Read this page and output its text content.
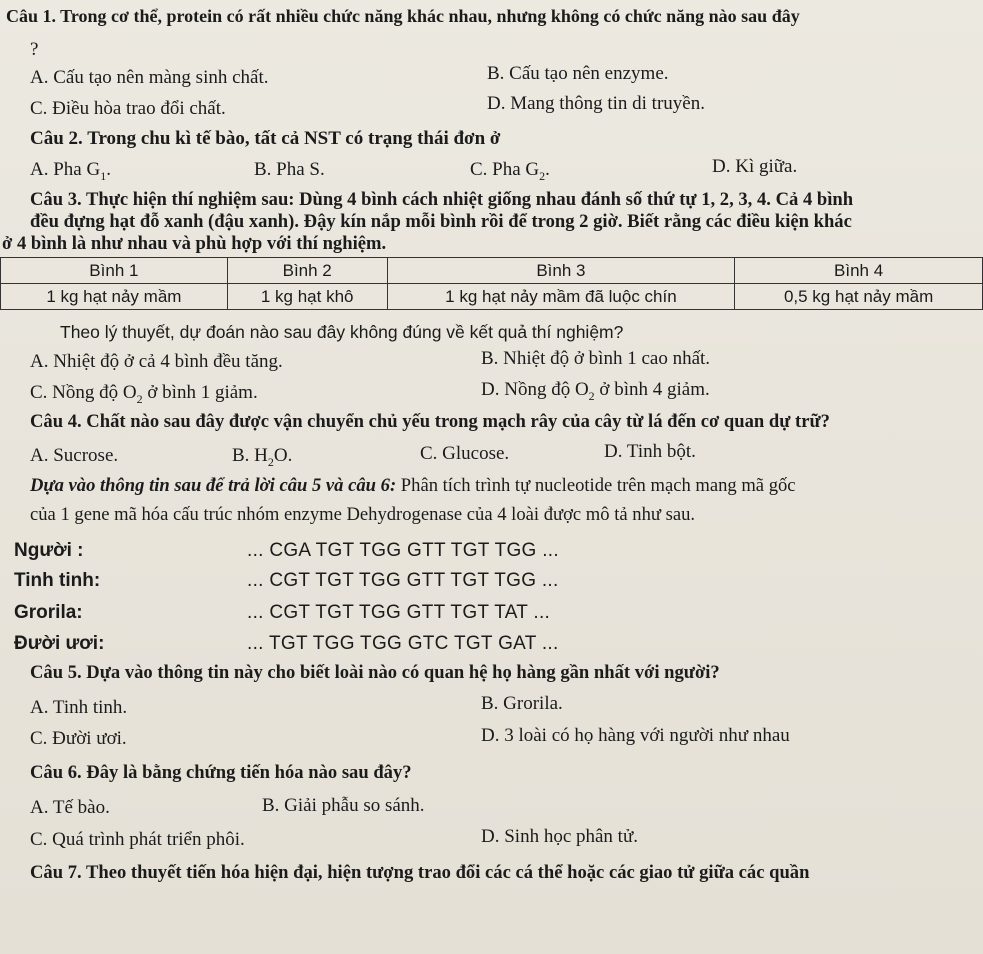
Câu 1. Trong cơ thể, protein có rất nhiều chức năng khác nhau, nhưng không có chức năng nào sau đây
?
A. Cấu tạo nên màng sinh chất.	B. Cấu tạo nên enzyme.
C. Điều hòa trao đổi chất.	D. Mang thông tin di truyền.
Câu 2. Trong chu kì tế bào, tất cả NST có trạng thái đơn ở
A. Pha $G_1$.	B. Pha S.	C. Pha $G_2$.	D. Kì giữa.
Câu 3. Thực hiện thí nghiệm sau: Dùng 4 bình cách nhiệt giống nhau đánh số thứ tự 1, 2, 3, 4. Cả 4 bình
đều đựng hạt đỗ xanh (đậu xanh). Đậy kín nắp mỗi bình rồi để trong 2 giờ. Biết rằng các điều kiện khác
ở 4 bình là như nhau và phù hợp với thí nghiệm.
Bình 1	Bình 2	Bình 3	Bình 4
1 kg hạt nảy mầm	1 kg hạt khô	1 kg hạt nảy mầm đã luộc chín	0,5 kg hạt nảy mầm
Theo lý thuyết, dự đoán nào sau đây không đúng về kết quả thí nghiệm?
A. Nhiệt độ ở cả 4 bình đều tăng.	B. Nhiệt độ ở bình 1 cao nhất.
C. Nồng độ $O_2$ ở bình 1 giảm.	D. Nồng độ $O_2$ ở bình 4 giảm.
Câu 4. Chất nào sau đây được vận chuyển chủ yếu trong mạch rây của cây từ lá đến cơ quan dự trữ?
A. Sucrose.	B. $H_2O$.	C. Glucose.	D. Tinh bột.
Dựa vào thông tin sau để trả lời câu 5 và câu 6: Phân tích trình tự nucleotide trên mạch mang mã gốc
của 1 gene mã hóa cấu trúc nhóm enzyme Dehydrogenase của 4 loài được mô tả như sau.
Người :	... CGA TGT TGG GTT TGT TGG ...
Tinh tinh:	... CGT TGT TGG GTT TGT TGG ...
Grorila:	... CGT TGT TGG GTT TGT TAT ...
Đười ươi:	... TGT TGG TGG GTC TGT GAT ...
Câu 5. Dựa vào thông tin này cho biết loài nào có quan hệ họ hàng gần nhất với người?
A. Tinh tinh.	B. Grorila.
C. Đười ươi.	D. 3 loài có họ hàng với người như nhau
Câu 6. Đây là bằng chứng tiến hóa nào sau đây?
A. Tế bào.	B. Giải phẫu so sánh.
C. Quá trình phát triển phôi.	D. Sinh học phân tử.
Câu 7. Theo thuyết tiến hóa hiện đại, hiện tượng trao đổi các cá thể hoặc các giao tử giữa các quần
